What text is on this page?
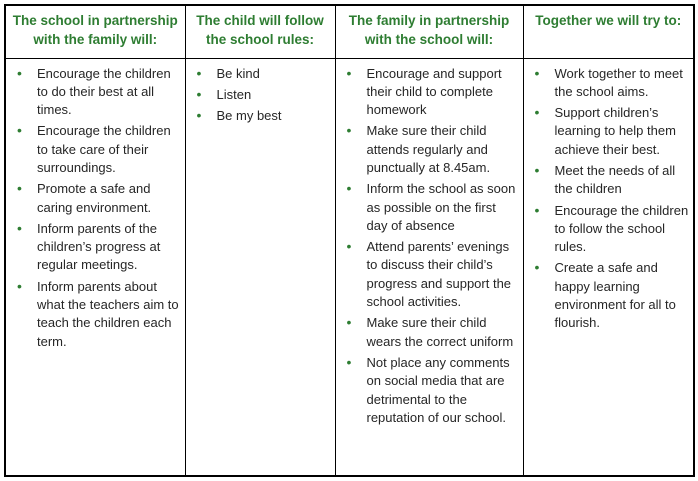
The school in partnership with the family will:	The child will follow the school rules:	The family in partnership with the school will:	Together we will try to:

• Encourage the children to do their best at all times.
• Encourage the children to take care of their surroundings.
• Promote a safe and caring environment.
• Inform parents of the children’s progress at regular meetings.
• Inform parents about what the teachers aim to teach the children each term.

• Be kind
• Listen
• Be my best

• Encourage and support their child to complete homework
• Make sure their child attends regularly and punctually at 8.45am.
• Inform the school as soon as possible on the first day of absence
• Attend parents’ evenings to discuss their child’s progress and support the school activities.
• Make sure their child wears the correct uniform
• Not place any comments on social media that are detrimental to the reputation of our school.

• Work together to meet the school aims.
• Support children’s learning to help them achieve their best.
• Meet the needs of all the children
• Encourage the children to follow the school rules.
• Create a safe and happy learning environment for all to flourish.
